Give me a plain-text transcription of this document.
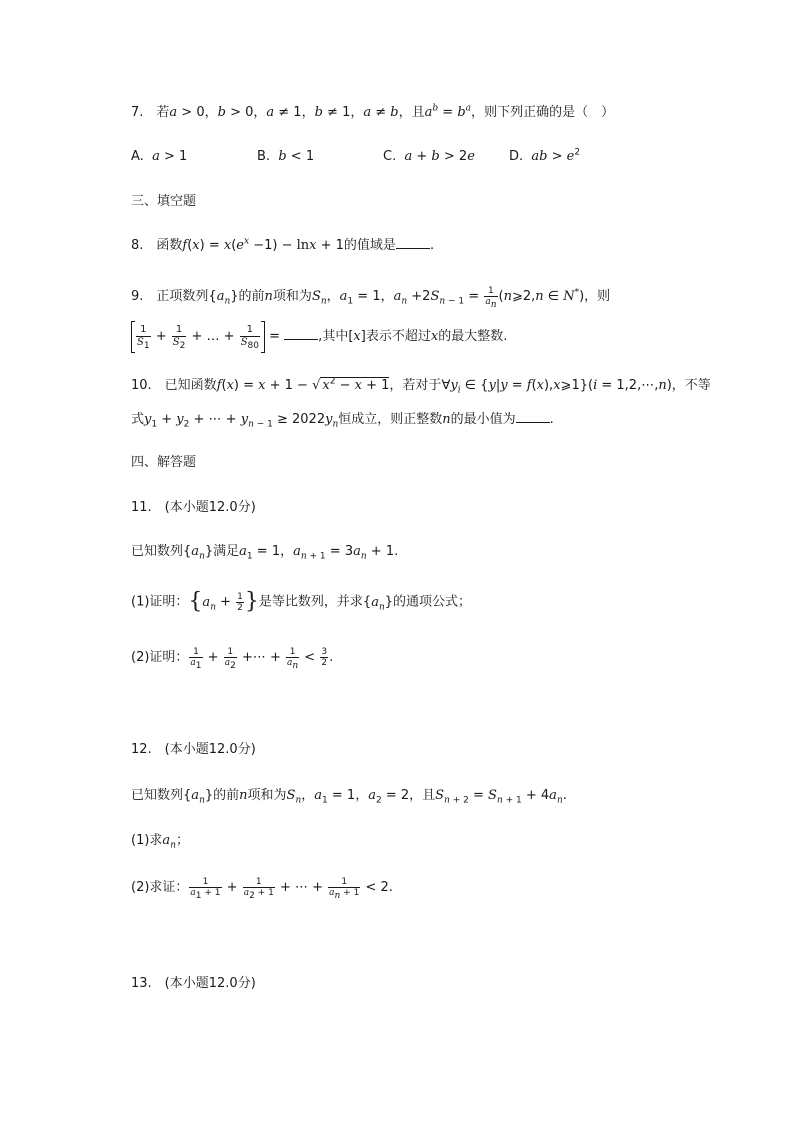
7.　若a > 0，b > 0，a ≠ 1，b ≠ 1，a ≠ b，且$a^b = b^a$，则下列正确的是（　）
A. a > 1	B. b < 1	C. a + b > 2e	D. ab > $e^2$
三、填空题
8.　函数$f(x) = x(e^x -1) - \ln x + 1$的值域是	.
9.　正项数列$\{a_n\}$的前n项和为$S_n$，$a_1 = 1$，$a_n +2S_{n - 1} = \frac{1}{a_n}$ (n⩾2,n ∈ N*)，则
$\frac{1}{S_1} + \frac{1}{S_2}$ + … + $\frac{1}{S_{80}}$ =	,其中[x]表示不超过x的最大整数.
10.　已知函数f(x) = x + 1 − √ $x^2 - x + 1$，若对于$\forall y_i$ ∈ {y|y = f(x),x⩾1}(i = 1,2,⋯,n)，不等
式$y_1 + y_2$ + ⋯ + $y_{n - 1} \ge 2022y_n$恒成立，则正整数n的最小值为	.
四、解答题
11.　(本小题12.0分)
已知数列$\{a_n\}$满足$a_1 = 1$，$a_{n + 1} = 3a_n + 1$.
(1)证明：{$a_n + \frac{1}{2}$ }是等比数列，并求$\{a_n\}$的通项公式；
(2)证明： $\frac{1}{a_1} + \frac{1}{a_2}$ +⋯ + $\frac{1}{a_n} < \frac{3}{2}$ .
12.　(本小题12.0分)
已知数列$\{a_n\}$的前n项和为$S_n$，$a_1 = 1$，$a_2 = 2$，且$S_{n + 2} = S_{n + 1} + 4a_n$.
(1)求$a_n$；
(2)求证： $\frac{1}{a_1 + 1} + \frac{1}{a_2 + 1}$ + ⋯ + $\frac{1}{a_n + 1} < 2$.
13.　(本小题12.0分)
